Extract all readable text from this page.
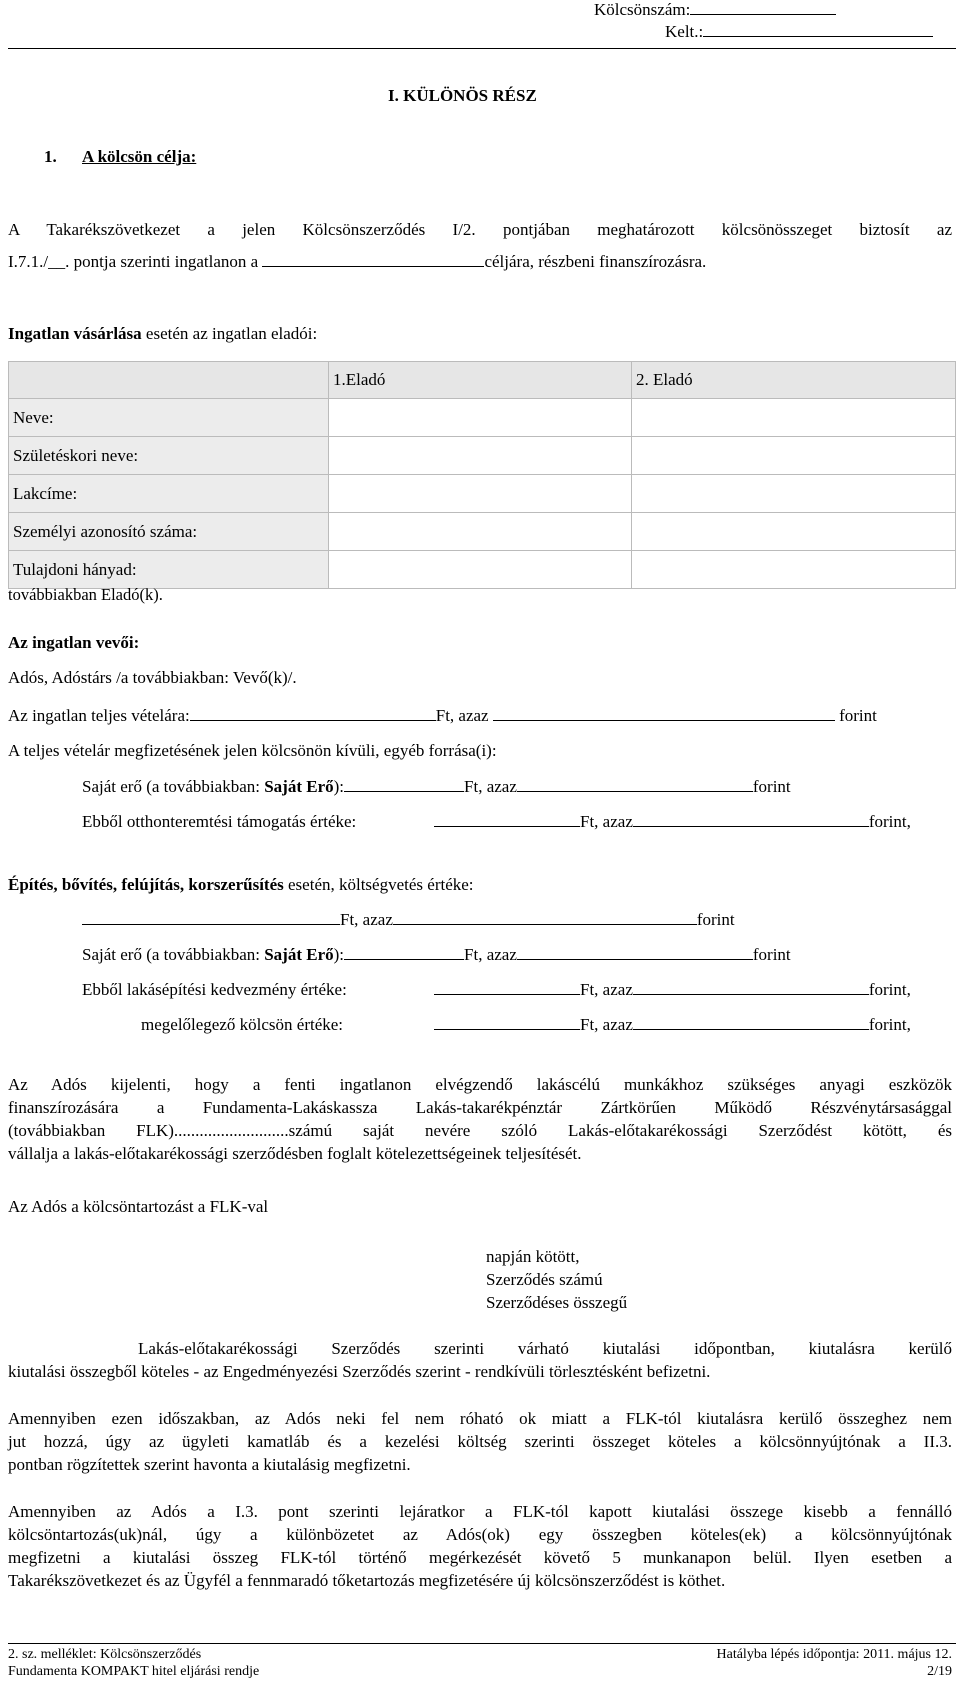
Kölcsönszám:
Kelt.:
I. KÜLÖNÖS RÉSZ
1. A kölcsön célja:
A Takarékszövetkezet a jelen Kölcsönszerződés I/2. pontjában meghatározott kölcsönösszeget biztosít az
I.7.1./__. pontja szerinti ingatlanon a	céljára, részbeni finanszírozásra.
Ingatlan vásárlása esetén az ingatlan eladói:
	1.Eladó	2. Eladó
Neve:		
Születéskori neve:		
Lakcíme:		
Személyi azonosító száma:		
Tulajdoni hányad:		
továbbiakban Eladó(k).
Az ingatlan vevői:
Adós, Adóstárs /a továbbiakban: Vevő(k)/.
Az ingatlan teljes vételára:	Ft, azaz	forint
A teljes vételár megfizetésének jelen kölcsönön kívüli, egyéb forrása(i):
Saját erő (a továbbiakban: Saját Erő):	Ft, azaz	forint
Ebből otthonteremtési támogatás értéke:	Ft, azaz	forint,
Építés, bővítés, felújítás, korszerűsítés esetén, költségvetés értéke:
Ft, azaz	forint
Saját erő (a továbbiakban: Saját Erő):	Ft, azaz	forint
Ebből lakásépítési kedvezmény értéke:	Ft, azaz	forint,
megelőlegező kölcsön értéke:	Ft, azaz	forint,
Az Adós kijelenti, hogy a fenti ingatlanon elvégzendő lakáscélú munkákhoz szükséges anyagi eszközök
finanszírozására a Fundamenta-Lakáskassza Lakás-takarékpénztár Zártkörűen Működő Részvénytársasággal
(továbbiakban FLK)...........................számú saját nevére szóló Lakás-előtakarékossági Szerződést kötött, és
vállalja a lakás-előtakarékossági szerződésben foglalt kötelezettségeinek teljesítését.
Az Adós a kölcsöntartozást a FLK-val
napján kötött,
Szerződés számú
Szerződéses összegű
Lakás-előtakarékossági Szerződés szerinti várható kiutalási időpontban, kiutalásra kerülő
kiutalási összegből köteles - az Engedményezési Szerződés szerint - rendkívüli törlesztésként befizetni.
Amennyiben ezen időszakban, az Adós neki fel nem róható ok miatt a FLK-tól kiutalásra kerülő összeghez nem
jut hozzá, úgy az ügyleti kamatláb és a kezelési költség szerinti összeget köteles a kölcsönnyújtónak a II.3.
pontban rögzítettek szerint havonta a kiutalásig megfizetni.
Amennyiben az Adós a I.3. pont szerinti lejáratkor a FLK-tól kapott kiutalási összege kisebb a fennálló
kölcsöntartozás(uk)nál, úgy a különbözetet az Adós(ok) egy összegben köteles(ek) a kölcsönnyújtónak
megfizetni a kiutalási összeg FLK-tól történő megérkezését követő 5 munkanapon belül. Ilyen esetben a
Takarékszövetkezet és az Ügyfél a fennmaradó tőketartozás megfizetésére új kölcsönszerződést is köthet.
2. sz. melléklet: Kölcsönszerződés
Fundamenta KOMPAKT hitel eljárási rendje
Hatályba lépés időpontja: 2011. május 12.
2/19
